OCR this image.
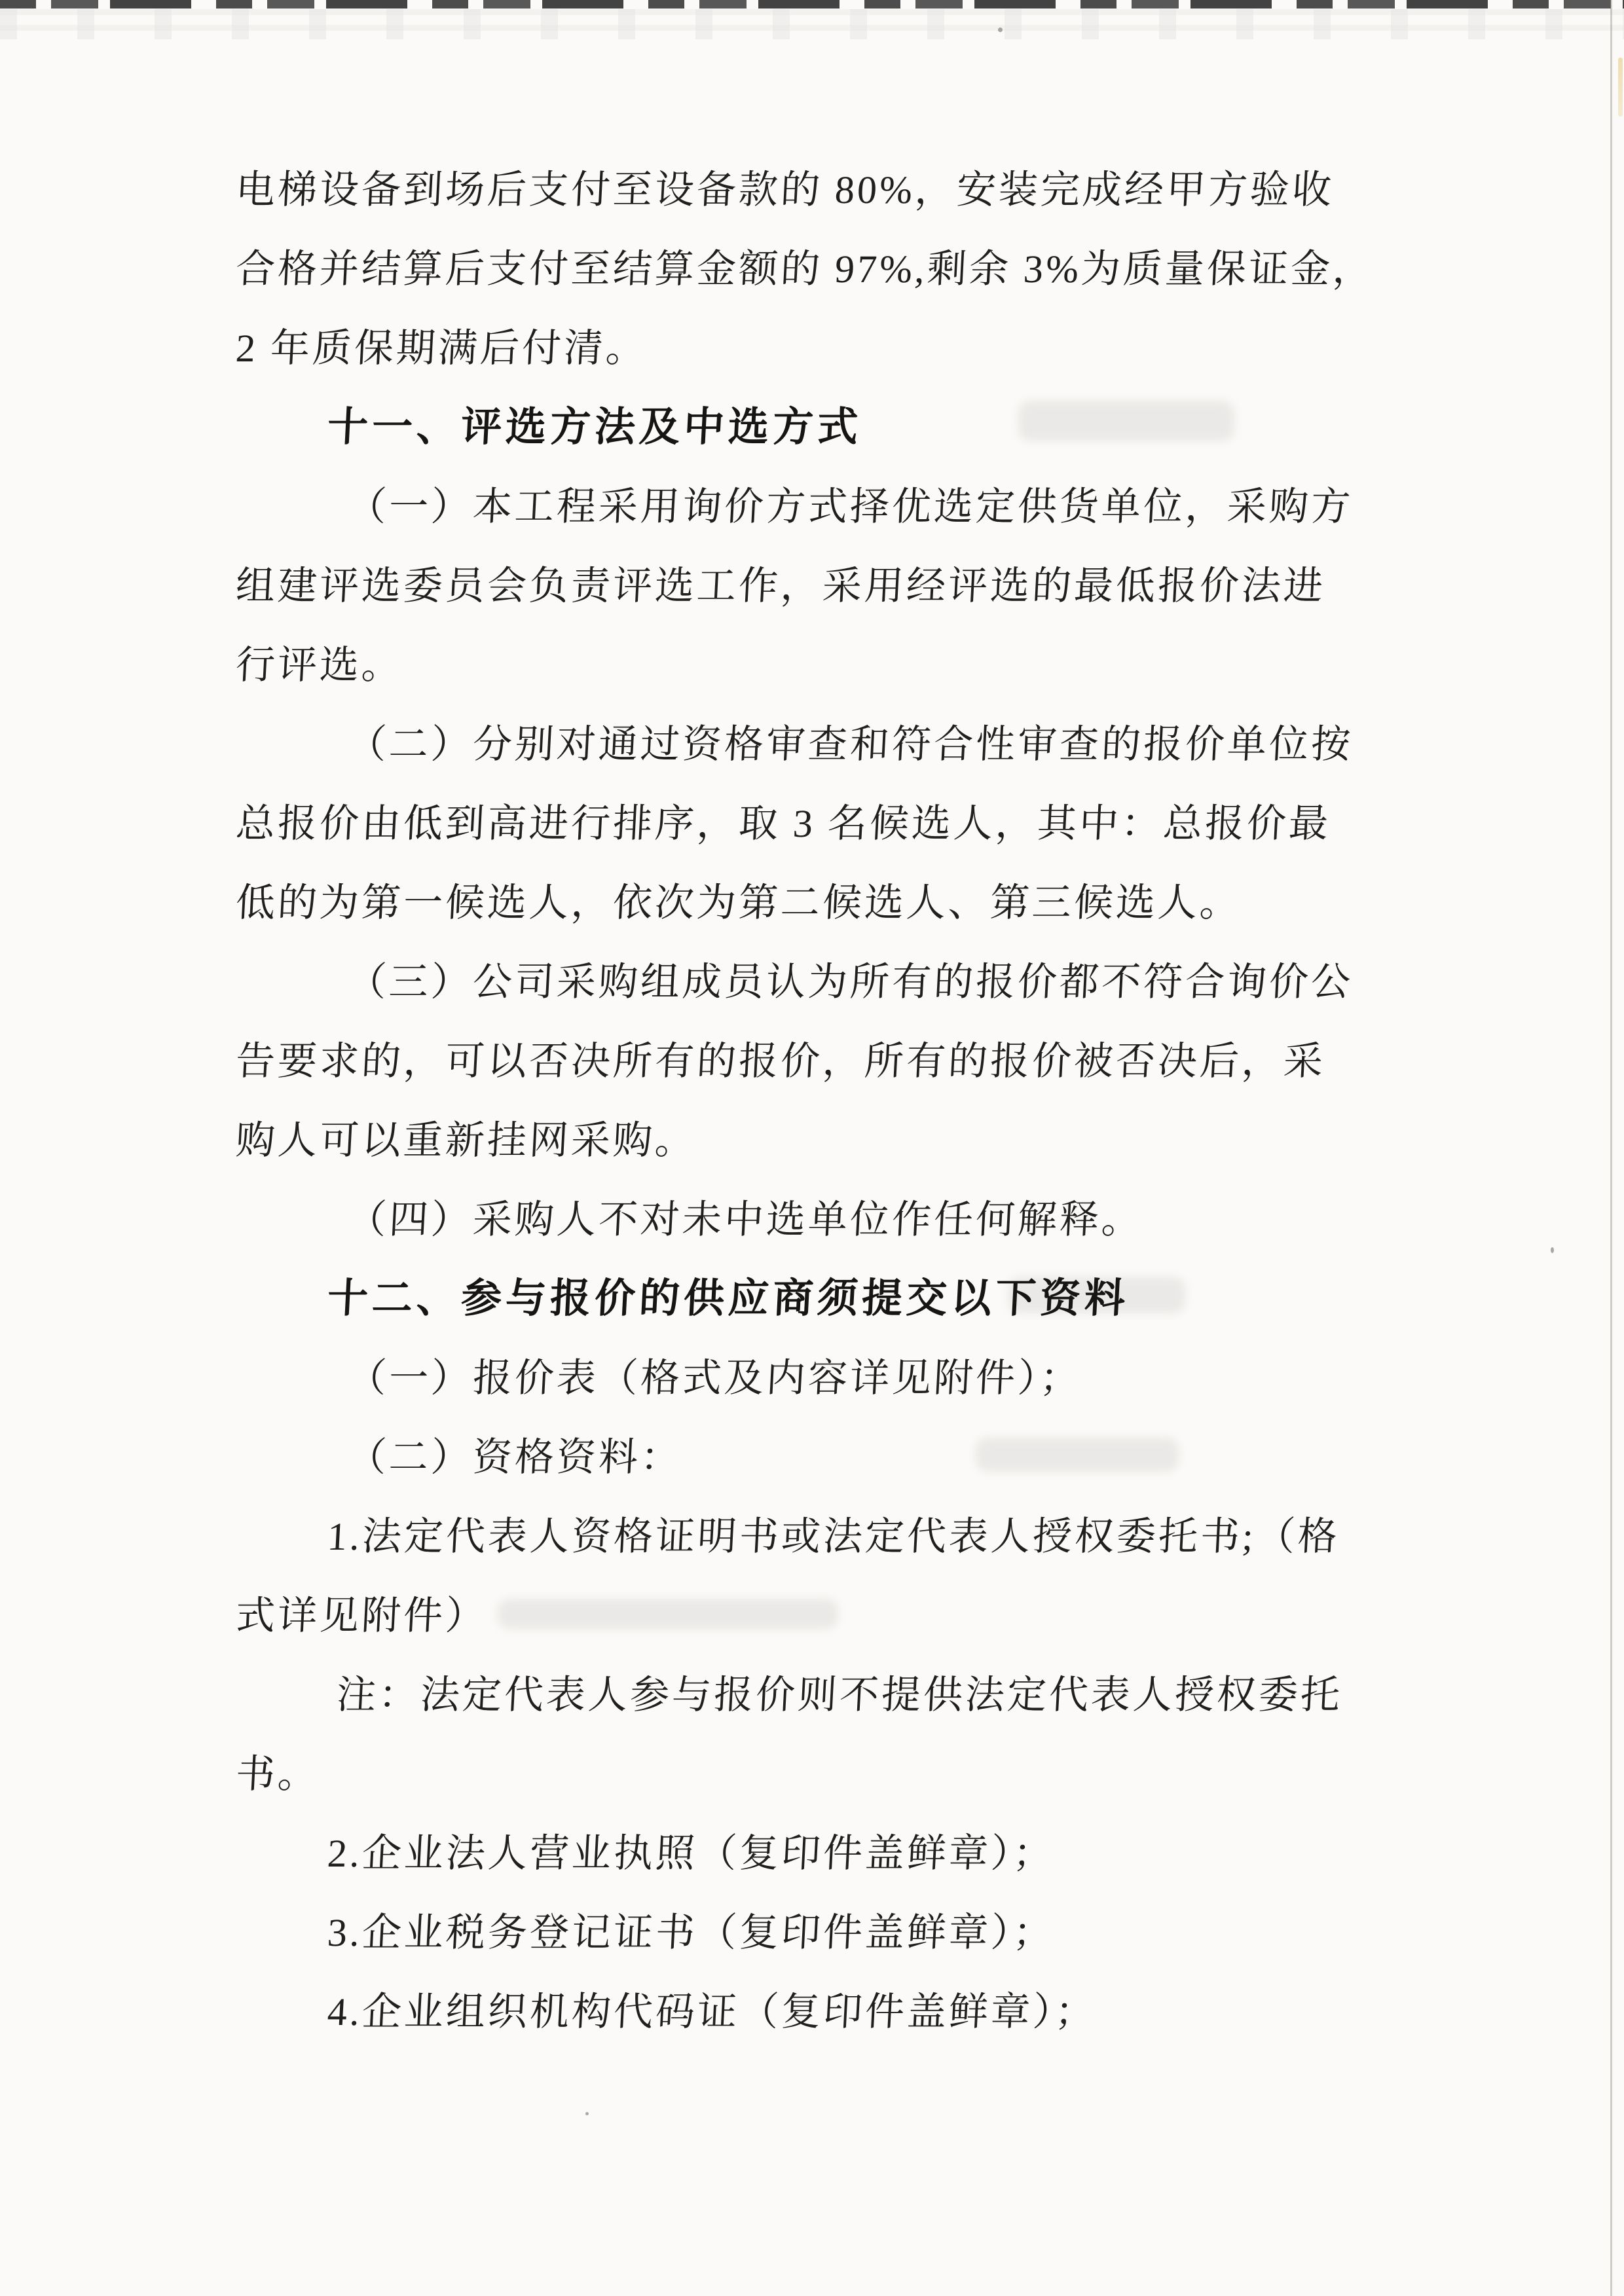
电梯设备到场后支付至设备款的 80%，安装完成经甲方验收
合格并结算后支付至结算金额的 97%,剩余 3%为质量保证金，
2 年质保期满后付清。
十一、评选方法及中选方式
（一）本工程采用询价方式择优选定供货单位，采购方
组建评选委员会负责评选工作，采用经评选的最低报价法进
行评选。
（二）分别对通过资格审查和符合性审查的报价单位按
总报价由低到高进行排序，取 3 名候选人，其中：总报价最
低的为第一候选人，依次为第二候选人、第三候选人。
（三）公司采购组成员认为所有的报价都不符合询价公
告要求的，可以否决所有的报价，所有的报价被否决后，采
购人可以重新挂网采购。
（四）采购人不对未中选单位作任何解释。
十二、参与报价的供应商须提交以下资料
（一）报价表（格式及内容详见附件）；
（二）资格资料：
1.法定代表人资格证明书或法定代表人授权委托书;（格
式详见附件）
注：法定代表人参与报价则不提供法定代表人授权委托
书。
2.企业法人营业执照（复印件盖鲜章）；
3.企业税务登记证书（复印件盖鲜章）；
4.企业组织机构代码证（复印件盖鲜章）；
